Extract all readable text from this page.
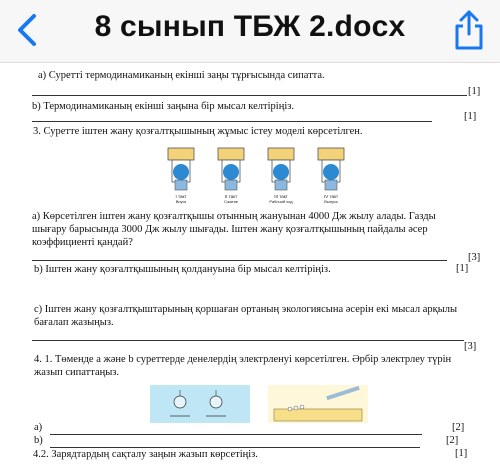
8 сынып ТБЖ 2.docx
a) Суретті термодинамиканың екінші заңы тұрғысында сипатта.
[1]
b) Термодинамиканың екінші заңына бір мысал келтіріңіз.
[1]
3. Суретте іштен жану қозғалтқышының жұмыс істеу моделі көрсетілген.
I такт
Впуск
II такт
Сжатие
III такт
Рабочий ход
IV такт
Выпуск
a) Көрсетілген іштен жану қозғалтқышы отынның жануынан 4000 Дж жылу алады. Газды шығару барысында 3000 Дж жылу шығады. Іштен жану қозғалтқышының пайдалы әсер коэффициенті қандай?
[3]
b) Іштен жану қозғалтқышының қолдануына бір мысал келтіріңіз.	[1]
c) Іштен жану қозғалтқыштарының қоршаған ортаның экологиясына әсерін екі мысал арқылы бағалап жазыңыз.
[3]
4. 1. Төменде a және b суреттерде денелердің электрленуі көрсетілген. Әрбір электрлеу түрін жазып сипаттаңыз.
a)	[2]
b)	[2]
4.2. Зарядтардың сақталу заңын жазып көрсетіңіз.	[1]
